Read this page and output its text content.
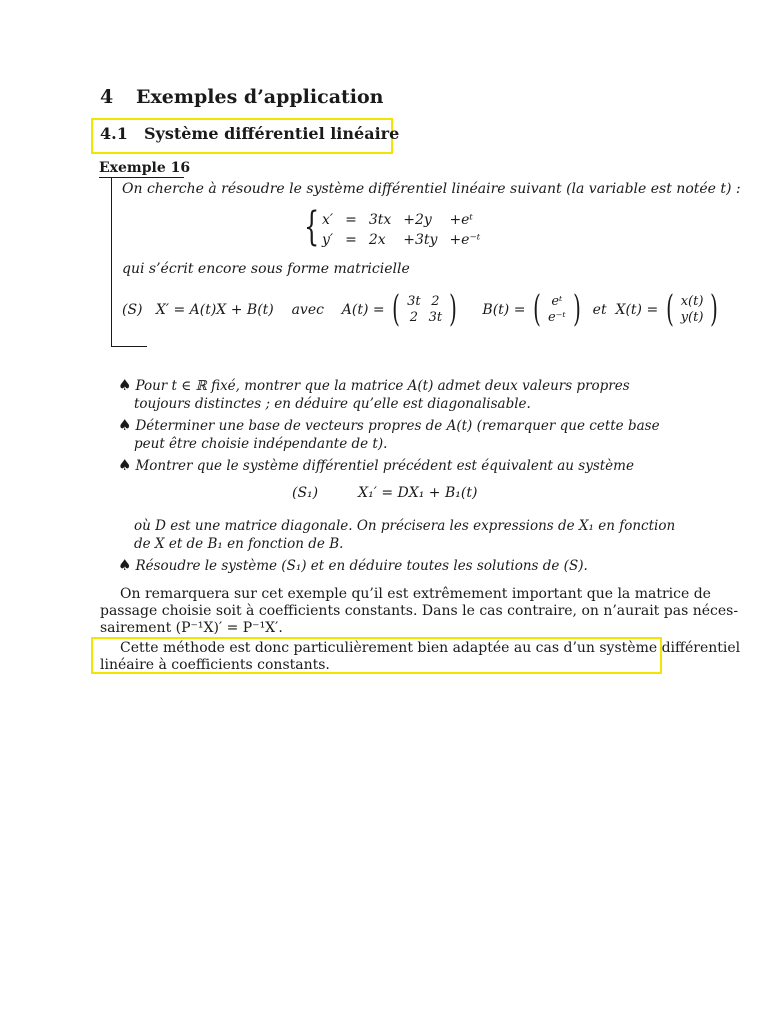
4 Exemples d’application
4.1 Système différentiel linéaire
Exemple 16
On cherche à résoudre le système différentiel linéaire suivant (la variable est notée t) :
{ x′	=	3tx	+2y	+eᵗ
y′	=	2x	+3ty	+e⁻ᵗ
qui s’écrit encore sous forme matricielle
(S)   X′ = A(t)X + B(t) avec A(t) = ( 3t	2
2	3t ) B(t) = ( eᵗ
e⁻ᵗ ) et X(t) = ( x(t)
y(t) )
♠ Pour t ∈ ℝ fixé, montrer que la matrice A(t) admet deux valeurs propres
toujours distinctes ; en déduire qu’elle est diagonalisable.
♠ Déterminer une base de vecteurs propres de A(t) (remarquer que cette base
peut être choisie indépendante de t).
♠ Montrer que le système différentiel précédent est équivalent au système
(S₁)	X₁′ = DX₁ + B₁(t)
où D est une matrice diagonale. On précisera les expressions de X₁ en fonction
de X et de B₁ en fonction de B.
♠ Résoudre le système (S₁) et en déduire toutes les solutions de (S).
On remarquera sur cet exemple qu’il est extrêmement important que la matrice de
passage choisie soit à coefficients constants. Dans le cas contraire, on n’aurait pas néces-
sairement (P⁻¹X)′ = P⁻¹X′.
Cette méthode est donc particulièrement bien adaptée au cas d’un système différentiel
linéaire à coefficients constants.
